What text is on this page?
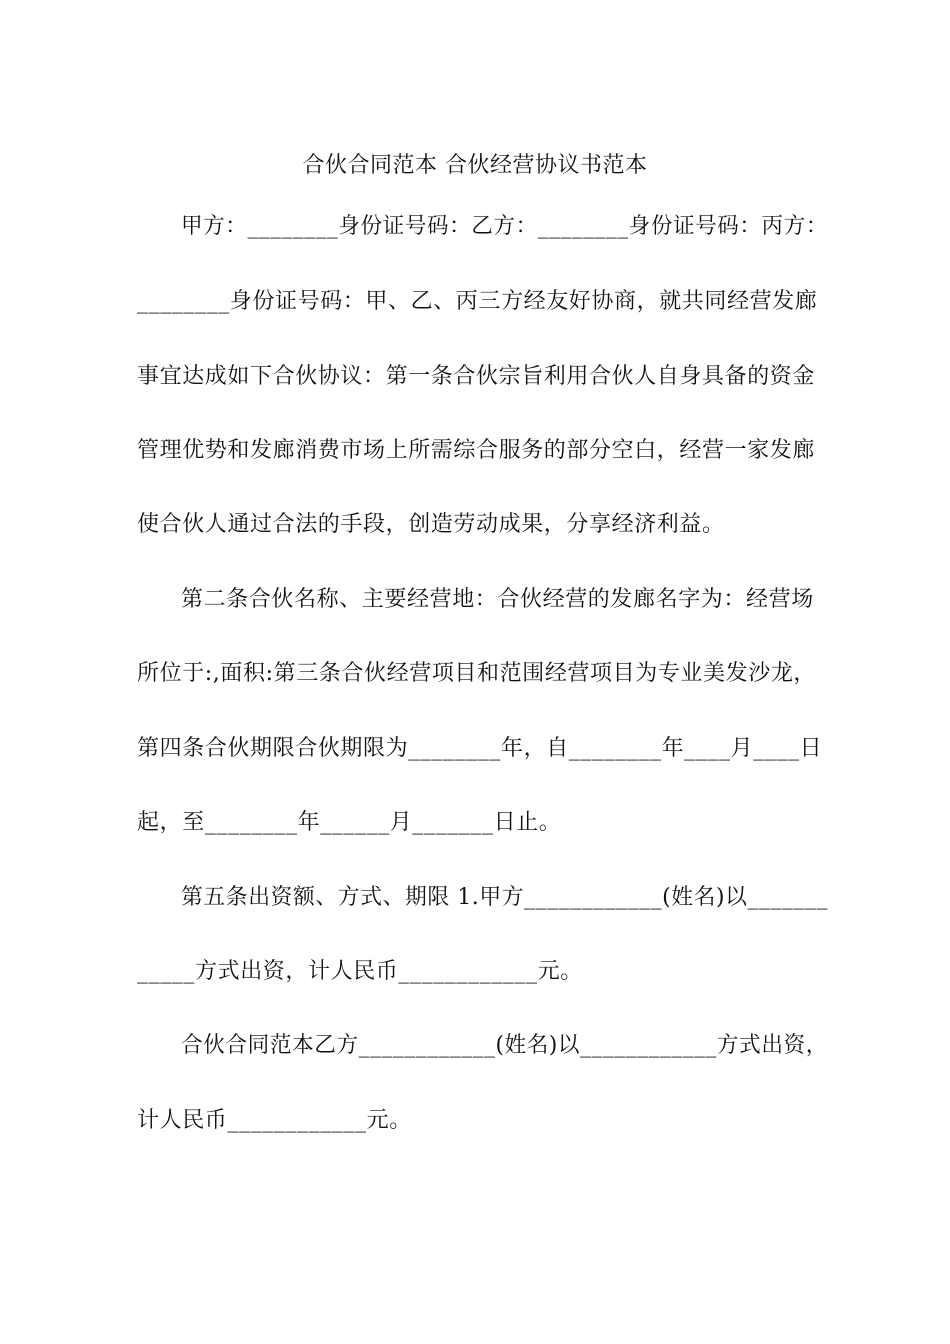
合伙合同范本 合伙经营协议书范本
甲方：________身份证号码：乙方：________身份证号码：丙方：
________身份证号码：甲、乙、丙三方经友好协商，就共同经营发廊
事宜达成如下合伙协议：第一条合伙宗旨利用合伙人自身具备的资金
管理优势和发廊消费市场上所需综合服务的部分空白，经营一家发廊
使合伙人通过合法的手段，创造劳动成果，分享经济利益。
第二条合伙名称、主要经营地：合伙经营的发廊名字为：经营场
所位于:,面积:第三条合伙经营项目和范围经营项目为专业美发沙龙，
第四条合伙期限合伙期限为________年，自________年____月____日
起，至________年______月_______日止。
第五条出资额、方式、期限 1.甲方____________(姓名)以_______
_____方式出资，计人民币____________元。
合伙合同范本乙方____________(姓名)以____________方式出资，
计人民币____________元。
